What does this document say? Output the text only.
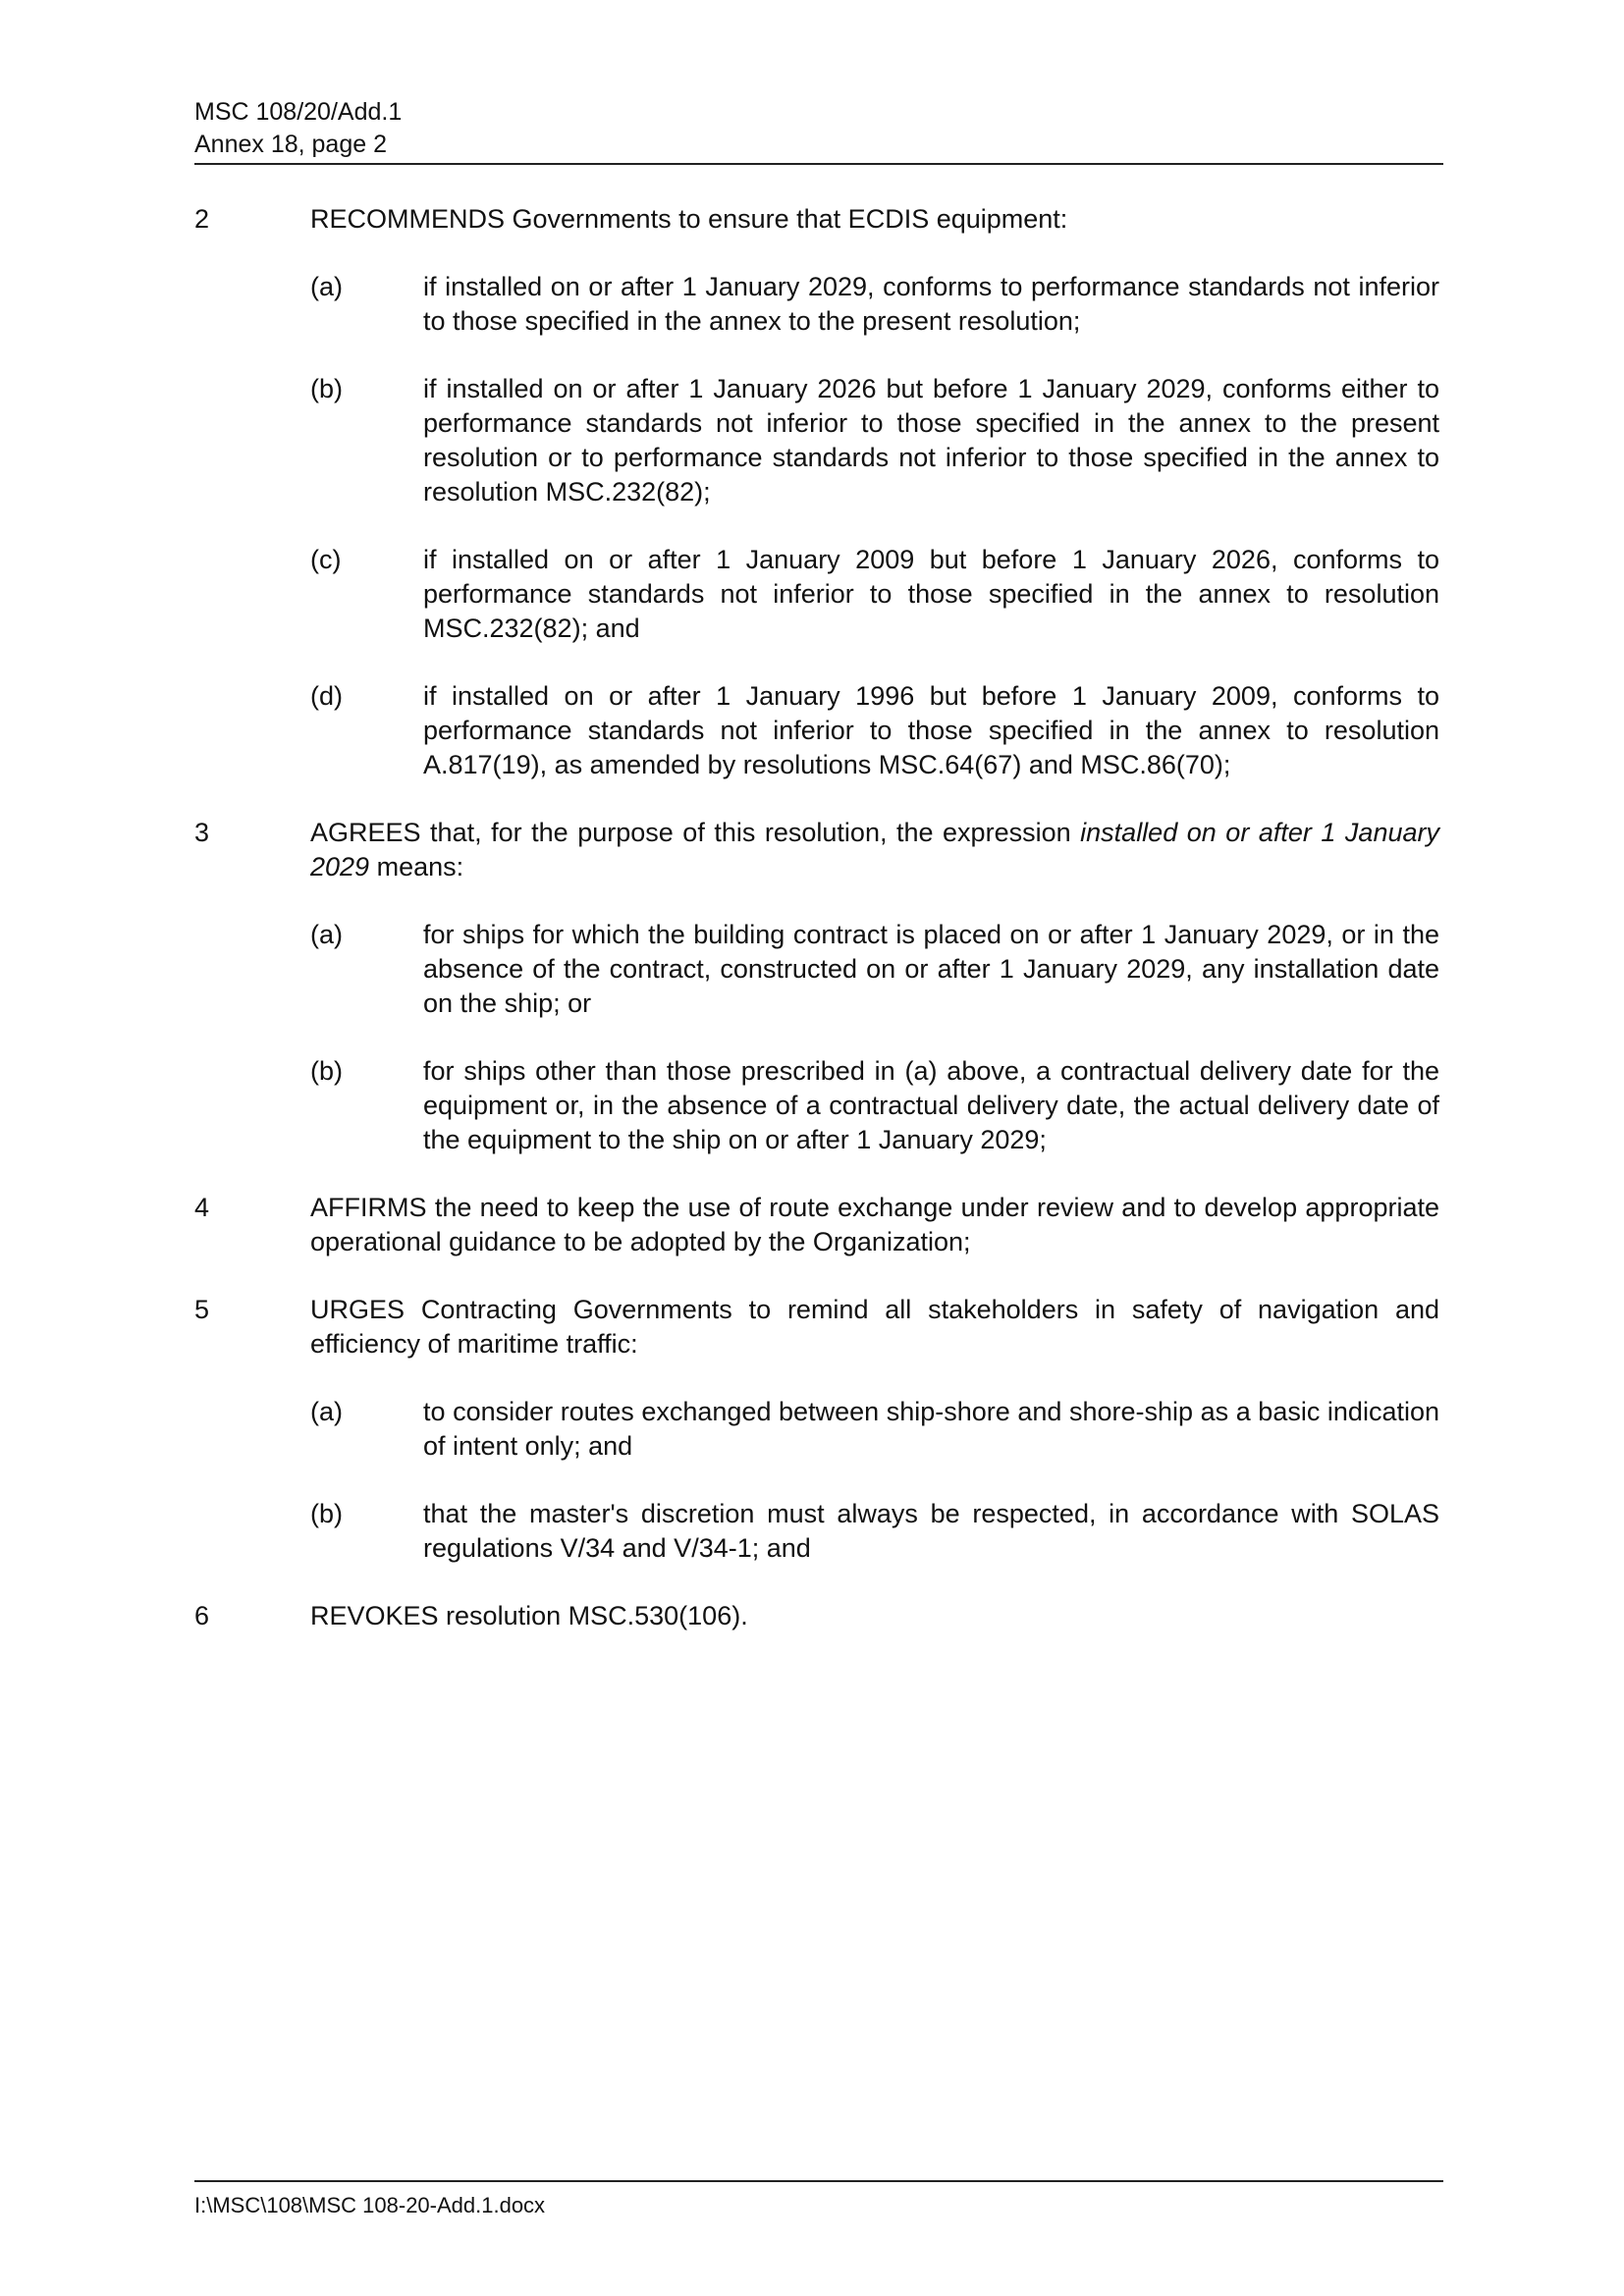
MSC 108/20/Add.1
Annex 18, page 2
2	RECOMMENDS Governments to ensure that ECDIS equipment:
(a)	if installed on or after 1 January 2029, conforms to performance standards not inferior to those specified in the annex to the present resolution;
(b)	if installed on or after 1 January 2026 but before 1 January 2029, conforms either to performance standards not inferior to those specified in the annex to the present resolution or to performance standards not inferior to those specified in the annex to resolution MSC.232(82);
(c)	if installed on or after 1 January 2009 but before 1 January 2026, conforms to performance standards not inferior to those specified in the annex to resolution MSC.232(82); and
(d)	if installed on or after 1 January 1996 but before 1 January 2009, conforms to performance standards not inferior to those specified in the annex to resolution A.817(19), as amended by resolutions MSC.64(67) and MSC.86(70);
3	AGREES that, for the purpose of this resolution, the expression installed on or after 1 January 2029 means:
(a)	for ships for which the building contract is placed on or after 1 January 2029, or in the absence of the contract, constructed on or after 1 January 2029, any installation date on the ship; or
(b)	for ships other than those prescribed in (a) above, a contractual delivery date for the equipment or, in the absence of a contractual delivery date, the actual delivery date of the equipment to the ship on or after 1 January 2029;
4	AFFIRMS the need to keep the use of route exchange under review and to develop appropriate operational guidance to be adopted by the Organization;
5	URGES Contracting Governments to remind all stakeholders in safety of navigation and efficiency of maritime traffic:
(a)	to consider routes exchanged between ship-shore and shore-ship as a basic indication of intent only; and
(b)	that the master's discretion must always be respected, in accordance with SOLAS regulations V/34 and V/34-1; and
6	REVOKES resolution MSC.530(106).
I:\MSC\108\MSC 108-20-Add.1.docx
